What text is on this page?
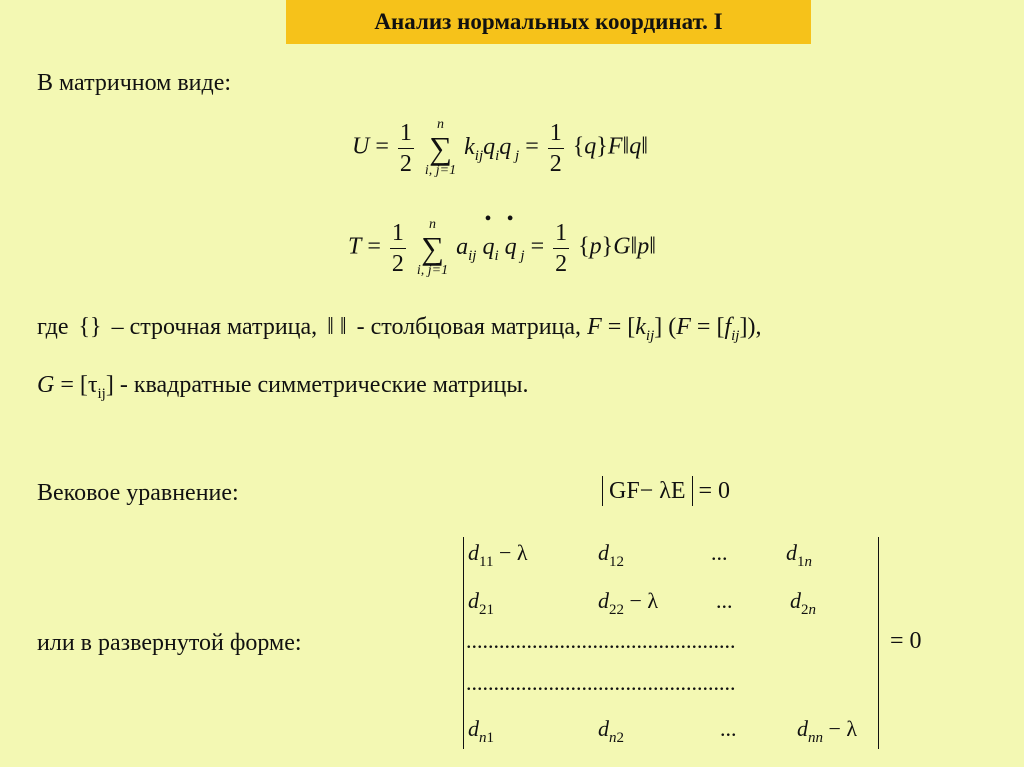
Анализ нормальных координат. I
В матричном виде:
$U = \frac{1}{2}$
	n
∑
i, j=1
$k_{ij}q_iq$ $_j = \frac{1}{2}$ {q}F‖q‖
$T = \frac{1}{2}$
	n
∑
i, j=1
$a_{ij}$ • $q_i$ • q $_j = \frac{1}{2}$ {p}G‖p‖
где {} – строчная матрица, ‖ ‖ - столбцовая матрица, $F = [k_{ij}] (F = [f_{ij}])$,
$G = [\tau_{ij}]$ - квадратные симметрические матрицы.
Вековое уравнение:	GF− λE = 0
или в развернутой форме:
$d_{11} - \lambda$	$d_{12}$	...	$d_{1n}$
$d_{21}$	$d_{22} - \lambda$	...	$d_{2n}$
.................................................
.................................................
$d_{n1}$	$d_{n2}$	...	$d_{nn} - \lambda$
= 0
